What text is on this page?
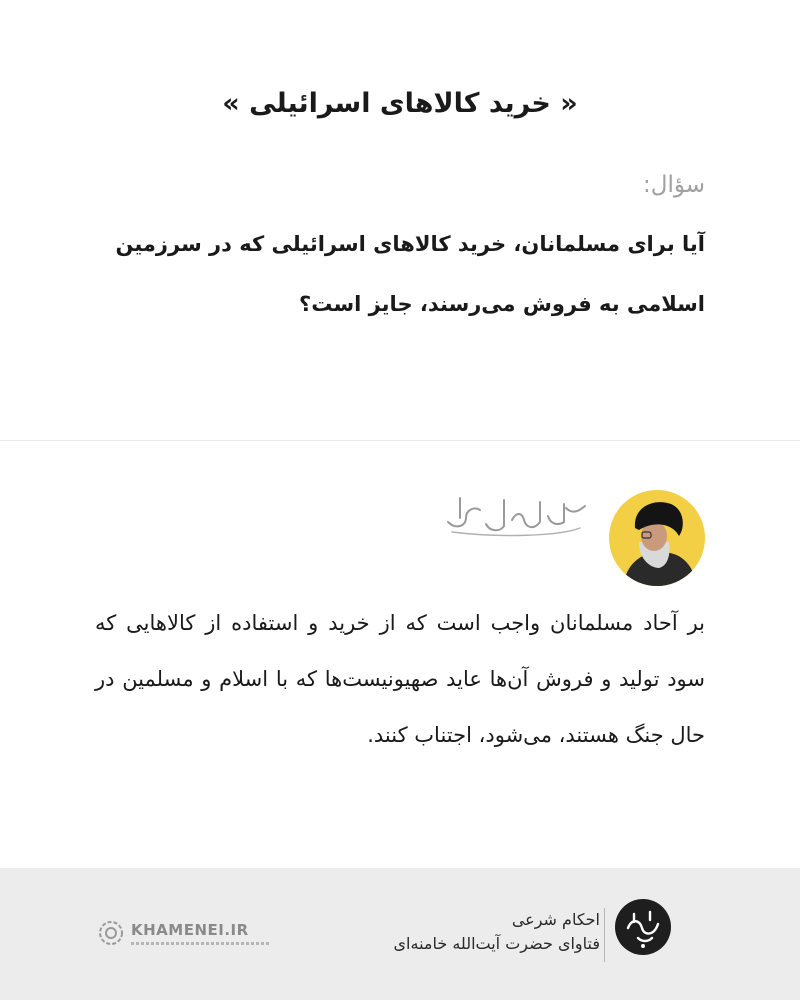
« خرید کالاهای اسرائیلی »
سؤال:
آیا برای مسلمانان، خرید کالاهای اسرائیلی که در سرزمین اسلامی به فروش می‌رسند، جایز است؟
بر آحاد مسلمانان واجب است که از خرید و استفاده از کالاهایی که سود تولید و فروش آن‌ها عاید صهیونیست‌ها که با اسلام و مسلمین در حال جنگ هستند، می‌شود، اجتناب کنند.
KHAMENEI.IR
احکام شرعی
فتاوای حضرت آیت‌الله خامنه‌ای
